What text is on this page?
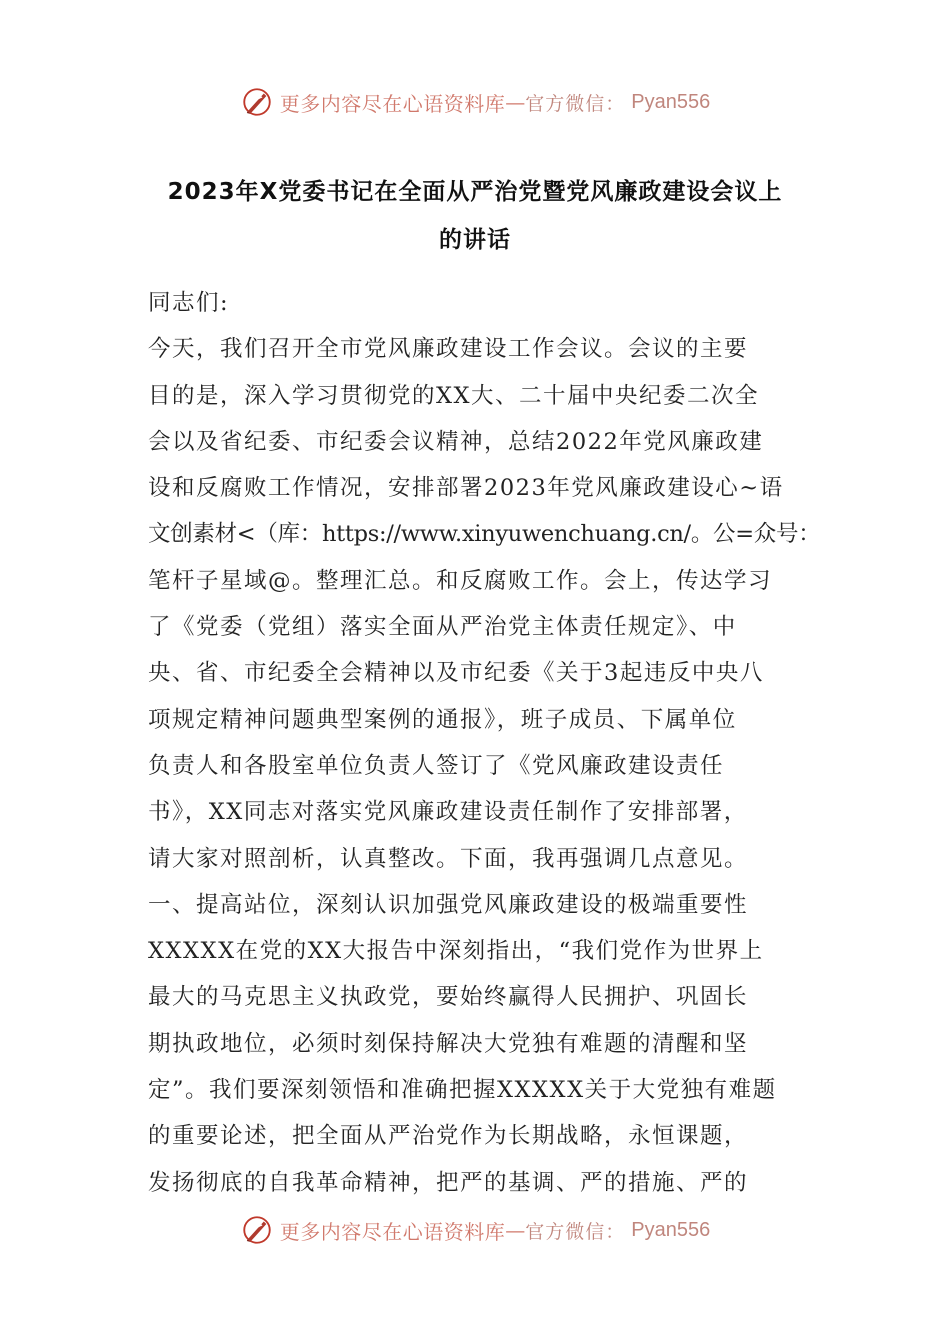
更多内容尽在心语资料库 — 官方微信： Pyan556
2023年X党委书记在全面从严治党暨党风廉政建设会议上
的讲话
同志们:
今天，我们召开全市党风廉政建设工作会议。会议的主要
目的是，深入学习贯彻党的XX大、二十届中央纪委二次全
会以及省纪委、市纪委会议精神，总结2022年党风廉政建
设和反腐败工作情况，安排部署2023年党风廉政建设心~语
文创素材<（库：https://www.xinyuwenchuang.cn/。公=众号：
笔杆子星域@。整理汇总。和反腐败工作。会上，传达学习
了《党委（党组）落实全面从严治党主体责任规定》、中
央、省、市纪委全会精神以及市纪委《关于3起违反中央八
项规定精神问题典型案例的通报》，班子成员、下属单位
负责人和各股室单位负责人签订了《党风廉政建设责任
书》，XX同志对落实党风廉政建设责任制作了安排部署，
请大家对照剖析，认真整改。下面，我再强调几点意见。
一、提高站位，深刻认识加强党风廉政建设的极端重要性
XXXXX在党的XX大报告中深刻指出，“我们党作为世界上
最大的马克思主义执政党，要始终赢得人民拥护、巩固长
期执政地位，必须时刻保持解决大党独有难题的清醒和坚
定”。我们要深刻领悟和准确把握XXXXX关于大党独有难题
的重要论述，把全面从严治党作为长期战略，永恒课题，
发扬彻底的自我革命精神，把严的基调、严的措施、严的
更多内容尽在心语资料库 — 官方微信： Pyan556
